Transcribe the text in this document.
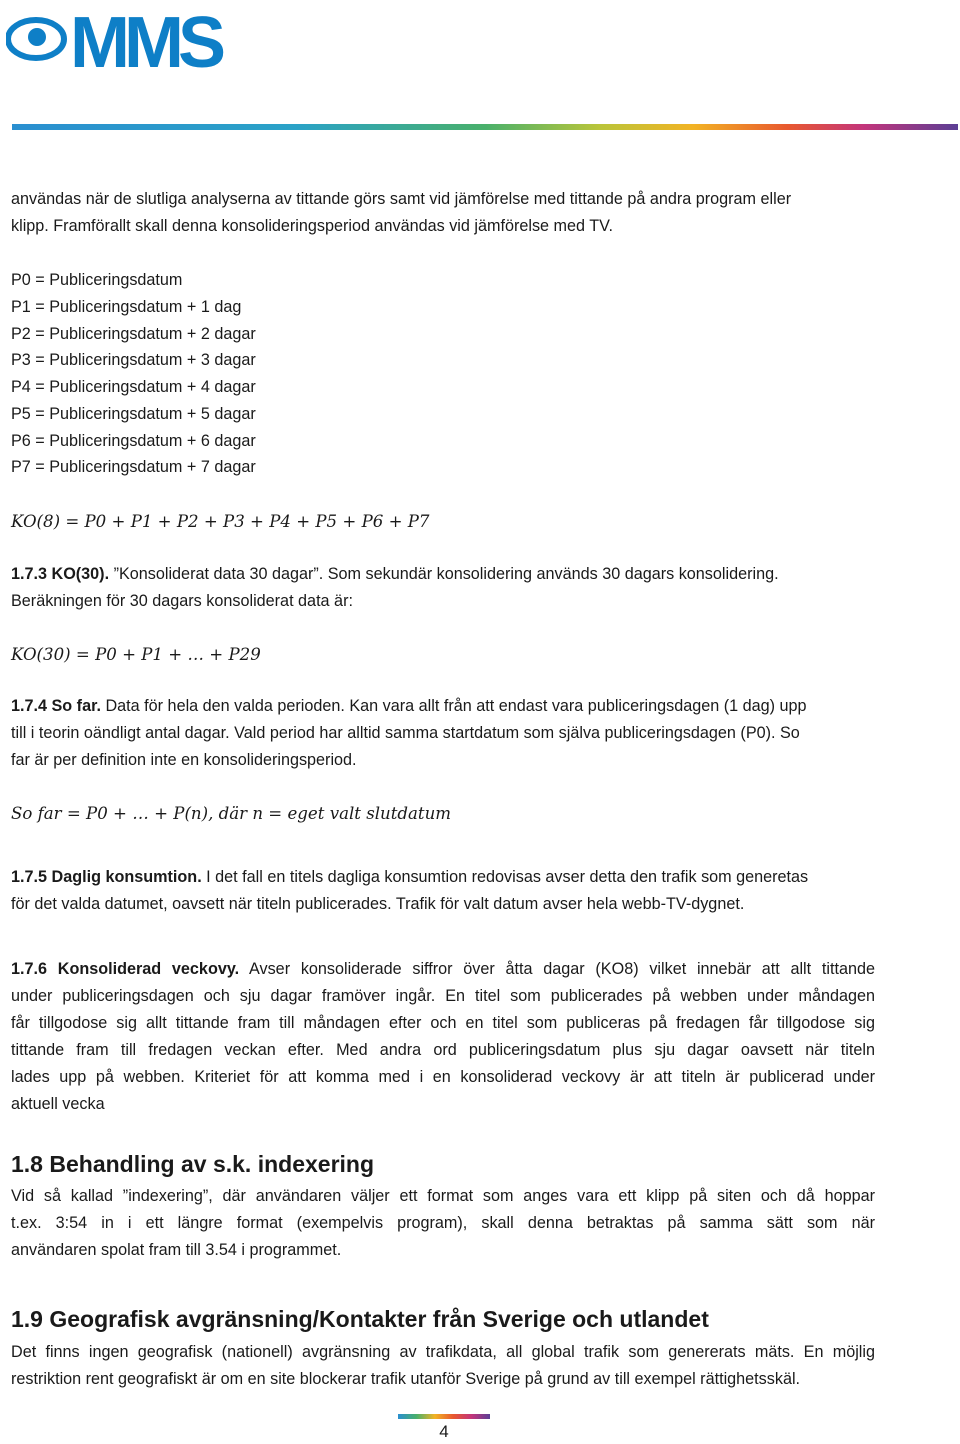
MMS

användas när de slutliga analyserna av tittande görs samt vid jämförelse med tittande på andra program eller

klipp. Framförallt skall denna konsolideringsperiod användas vid jämförelse med TV.

P0 = Publiceringsdatum

P1 = Publiceringsdatum + 1 dag

P2 = Publiceringsdatum + 2 dagar

P3 = Publiceringsdatum + 3 dagar

P4 = Publiceringsdatum + 4 dagar

P5 = Publiceringsdatum + 5 dagar

P6 = Publiceringsdatum + 6 dagar

P7 = Publiceringsdatum + 7 dagar

KO(8) = P0 + P1 + P2 + P3 + P4 + P5 + P6 + P7

1.7.3 KO(30). ”Konsoliderat data 30 dagar”. Som sekundär konsolidering används 30 dagars konsolidering.

Beräkningen för 30 dagars konsoliderat data är:

KO(30) = P0 + P1 + … + P29

1.7.4 So far. Data för hela den valda perioden. Kan vara allt från att endast vara publiceringsdagen (1 dag) upp

till i teorin oändligt antal dagar. Vald period har alltid samma startdatum som själva publiceringsdagen (P0). So

far är per definition inte en konsolideringsperiod.

So far = P0 + … + P(n), där n = eget valt slutdatum

1.7.5 Daglig konsumtion. I det fall en titels dagliga konsumtion redovisas avser detta den trafik som generetas

för det valda datumet, oavsett när titeln publicerades. Trafik för valt datum avser hela webb-TV-dygnet.

1.7.6 Konsoliderad veckovy. Avser konsoliderade siffror över åtta dagar (KO8) vilket innebär att allt tittande
under publiceringsdagen och sju dagar framöver ingår. En titel som publicerades på webben under måndagen
får tillgodose sig allt tittande fram till måndagen efter och en titel som publiceras på fredagen får tillgodose sig
tittande fram till fredagen veckan efter. Med andra ord publiceringsdatum plus sju dagar oavsett när titeln
lades upp på webben. Kriteriet för att komma med i en konsoliderad veckovy är att titeln är publicerad under
aktuell vecka
1.8 Behandling av s.k. indexering
Vid så kallad ”indexering”, där användaren väljer ett format som anges vara ett klipp på siten och då hoppar
t.ex. 3:54 in i ett längre format (exempelvis program), skall denna betraktas på samma sätt som när
användaren spolat fram till 3.54 i programmet.
1.9 Geografisk avgränsning/Kontakter från Sverige och utlandet
Det finns ingen geografisk (nationell) avgränsning av trafikdata, all global trafik som genererats mäts. En möjlig
restriktion rent geografiskt är om en site blockerar trafik utanför Sverige på grund av till exempel rättighetsskäl.
4
